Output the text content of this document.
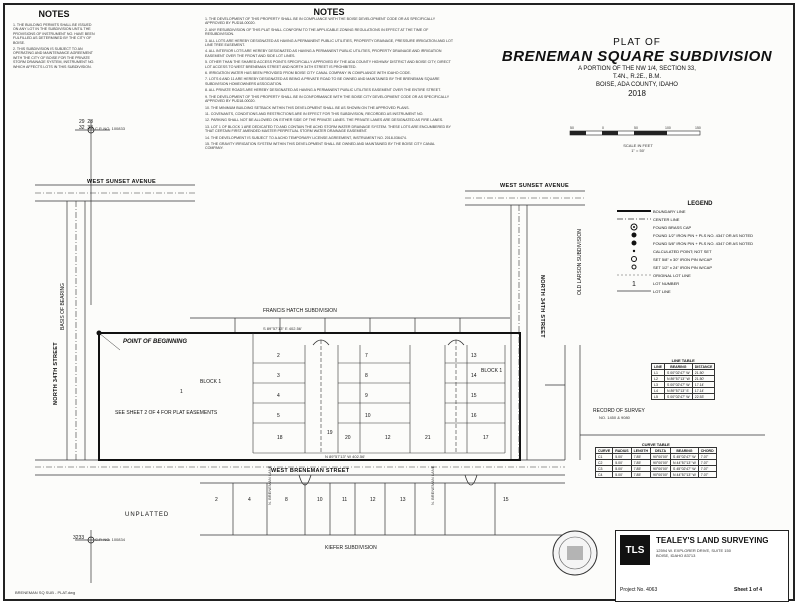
NOTES

1. THE BUILDING PERMITS SHALL BE ISSUED ON ANY LOT IN THE SUBDIVISION UNTIL THE PROVISIONS OF INSTRUMENT NO. HAVE BEEN FULFILLED AS DETERMINED BY THE CITY OF BOISE.

2. THIS SUBDIVISION IS SUBJECT TO AN OPERATING AND MAINTENANCE AGREEMENT WITH THE CITY OF BOISE FOR THE PRIVATE STORM DRAINAGE SYSTEM, INSTRUMENT NO. WHICH AFFECTS LOTS IN THIS SUBDIVISION.

NOTES

1. THE DEVELOPMENT OF THIS PROPERTY SHALL BE IN COMPLIANCE WITH THE BOISE DEVELOPMENT CODE OR AS SPECIFICALLY APPROVED BY PUD18-00020.

2. ANY RESUBDIVISION OF THIS PLAT SHALL CONFORM TO THE APPLICABLE ZONING REGULATIONS IN EFFECT AT THE TIME OF RESUBDIVISION.

3. ALL LOTS ARE HEREBY DESIGNATED AS HAVING A PERMANENT PUBLIC UTILITIES, PROPERTY DRAINAGE, PRESSURE IRRIGATION AND LOT LINE TREE EASEMENT.

4. ALL INTERIOR LOTS ARE HEREBY DESIGNATED AS HAVING A PERMANENT PUBLIC UTILITIES, PROPERTY DRAINAGE AND IRRIGATION EASEMENT OVER THE FRONT AND SIDE LOT LINES.

5. OTHER THAN THE SHARED ACCESS POINTS SPECIFICALLY APPROVED BY THE ADA COUNTY HIGHWAY DISTRICT AND BOISE CITY, DIRECT LOT ACCESS TO WEST BRENEMAN STREET AND NORTH 34TH STREET IS PROHIBITED.

6. IRRIGATION WATER HAS BEEN PROVIDED FROM BOISE CITY CANAL COMPANY IN COMPLIANCE WITH IDAHO CODE.

7. LOTS 6 AND 11 ARE HEREBY DESIGNATED AS BEING A PRIVATE ROAD TO BE OWNED AND MAINTAINED BY THE BRENEMAN SQUARE SUBDIVISION HOMEOWNERS ASSOCIATION.

8. ALL PRIVATE ROADS ARE HEREBY DESIGNATED AS HAVING A PERMANENT PUBLIC UTILITIES EASEMENT OVER THE ENTIRE STREET.

9. THE DEVELOPMENT OF THIS PROPERTY SHALL BE IN CONFORMANCE WITH THE BOISE CITY DEVELOPMENT CODE OR AS SPECIFICALLY APPROVED BY PUD18-00020.

10. THE MINIMUM BUILDING SETBACK WITHIN THIS DEVELOPMENT SHALL BE AS SHOWN ON THE APPROVED PLANS.

11. COVENANTS, CONDITIONS AND RESTRICTIONS ARE IN EFFECT FOR THIS SUBDIVISION, RECORDED AS INSTRUMENT NO.

12. PARKING SHALL NOT BE ALLOWED ON EITHER SIDE OF THE PRIVATE LANES. THE PRIVATE LANES ARE DESIGNATED AS FIRE LANES.

13. LOT 1 OF BLOCK 1 ARE DEDICATED TO AND CONTAIN THE ACHD STORM WATER DRAINAGE SYSTEM. THESE LOTS ARE ENCUMBERED BY THAT CERTAIN FIRST AMENDED MASTER PERPETUAL STORM WATER DRAINAGE EASEMENT.

14. THE DEVELOPMENT IS SUBJECT TO A ACHD TEMPORARY LICENSE AGREEMENT, INSTRUMENT NO. 2018-036474.

15. THE GRAVITY IRRIGATION SYSTEM WITHIN THIS DEVELOPMENT SHALL BE OWNED AND MAINTAINED BY THE BOISE CITY CANAL COMPANY.

PLAT OF
BRENEMAN SQUARE SUBDIVISION
A PORTION OF THE NW 1/4, SECTION 33,
T.4N., R.2E., B.M.
BOISE, ADA COUNTY, IDAHO
2018
50	0	50	100	150
SCALE IN FEET
1" = 50'
LEGEND
BOUNDARY LINE
CENTER LINE
FOUND BRASS CAP
FOUND 1/2" IRON PIN + PLS NO. 4347 OR AS NOTED
FOUND 5/8" IRON PIN + PLS NO. 4347 OR AS NOTED
CALCULATED POINT; NOT SET
SET 5/8" x 30" IRON PIN W/CAP
SET 1/2" x 24" IRON PIN W/CAP
ORIGINAL LOT LINE
1	LOT NUMBER
LOT LINE
WEST SUNSET AVENUE
WEST SUNSET AVENUE
NORTH 34TH STREET
NORTH 34TH STREET
WEST BRENEMAN STREET
BASIS OF BEARING	FRANCIS HATCH SUBDIVISION
KIEFER SUBDIVISION
UNPLATTED
OLD LARSON SUBDIVISION
RECORD OF SURVEY
NO. 1450 & 9080
POINT OF BEGINNING
BLOCK 1
BLOCK 1
1
SEE SHEET 2 OF 4 FOR PLAT EASEMENTS
S 89°57'13" E 402.56'
N 89°57'13" W 402.56'
N. BRENEMAN LANE	N. BRENEMAN LANE
C.P. NO. 100833
C.P. NO. 100834
29 28
32 33
3233
2
3
4
5
7
8
9
10
12
13
14
15
16
17
18
19
20	21
2	4	8	10	11	12	13	15
LINE TABLE
LINE	BEARING	DISTANCE
L1	S 00°02'47" W	21.50'
L2	N 89°57'13" W	21.50'
L3	S 00°02'47" W	17.14'
L4	N 89°57'13" E	17.14'
L5	S 00°02'47" W	22.53'
CURVE TABLE
CURVE	RADIUS	LENGTH	DELTA	BEARING	CHORD
C1	5.00'	7.85'	90°00'00"	S 45°02'47" W	7.07'
C2	5.00'	7.85'	90°00'00"	N 44°57'13" W	7.07'
C3	5.00'	7.85'	90°00'00"	S 45°02'47" W	7.07'
C4	5.00'	7.85'	90°00'00"	N 44°57'13" W	7.07'
TLS
TEALEY'S LAND SURVEYING
12594 W. EXPLORER DRIVE, SUITE 150
BOISE, IDAHO 83713
Project No. 4063	Sheet 1 of 4
BRENEMAN SQ SUB - PLAT.dwg
